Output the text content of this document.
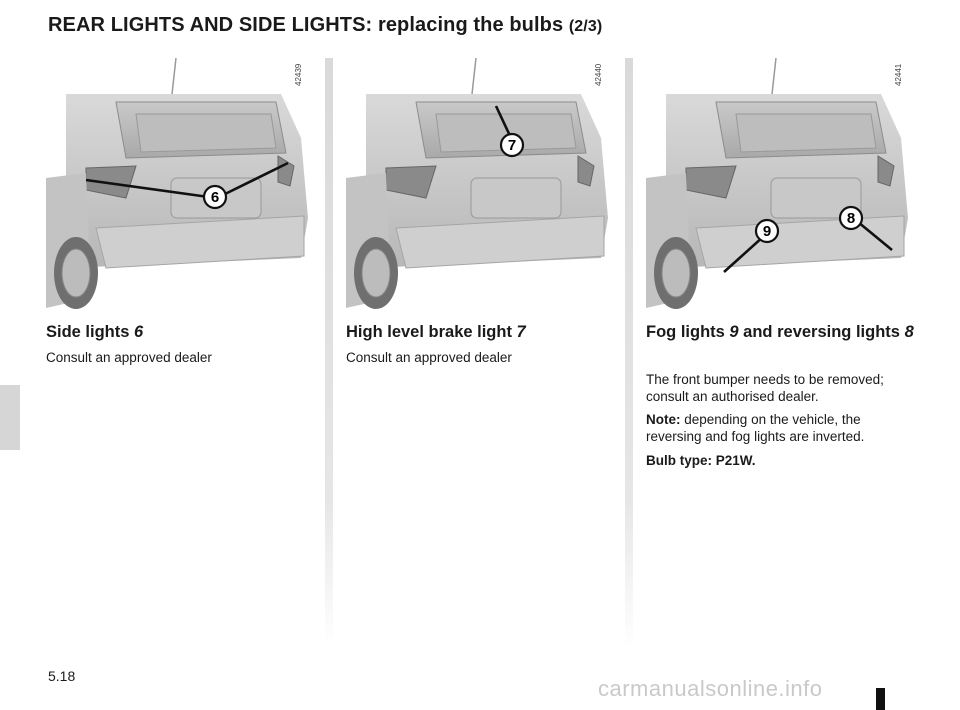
REAR LIGHTS AND SIDE LIGHTS: replacing the bulbs (2/3)
6
42439
Side lights 6
Consult an approved dealer
7
42440
High level brake light 7
Consult an approved dealer
9
8
42441
Fog lights 9 and reversing lights 8
The front bumper needs to be removed; consult an authorised dealer.
Note: depending on the vehicle, the reversing and fog lights are inverted.
Bulb type: P21W.
5.18	carmanualsonline.info
